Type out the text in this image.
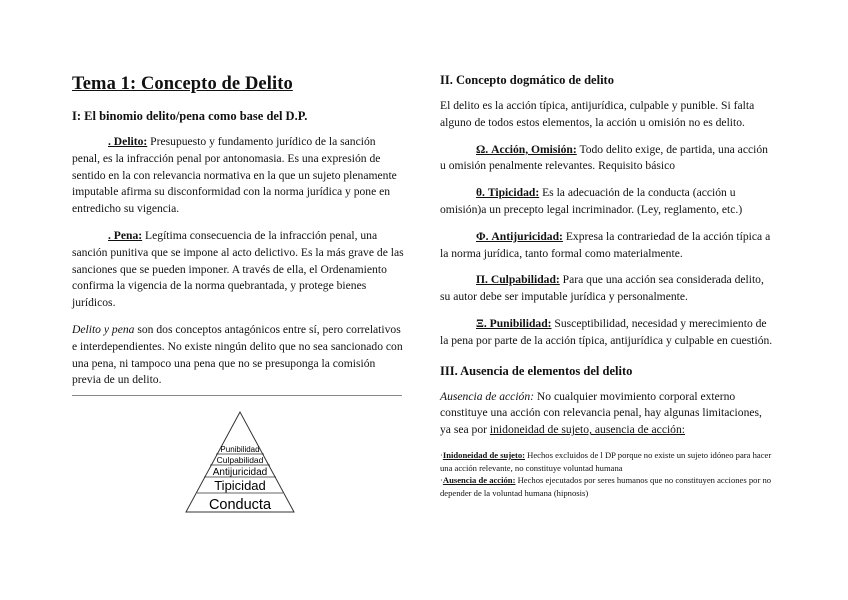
Tema 1: Concepto de Delito
I: El binomio delito/pena como base del D.P.

. Delito: Presupuesto y fundamento jurídico de la sanción penal, es la infracción penal por antonomasia. Es una expresión de sentido en la con relevancia normativa en la que un sujeto plenamente imputable afirma su disconformidad con la norma jurídica y pone en entredicho su vigencia.

. Pena: Legítima consecuencia de la infracción penal, una sanción punitiva que se impone al acto delictivo. Es la más grave de las sanciones que se pueden imponer. A través de ella, el Ordenamiento confirma la vigencia de la norma quebrantada, y protege bienes jurídicos.

Delito y pena son dos conceptos antagónicos entre sí, pero correlativos e interdependientes. No existe ningún delito que no sea sancionado con una pena, ni tampoco una pena que no se presuponga la comisión previa de un delito.

Punibilidad
Culpabilidad
Antijuricidad
Tipicidad
Conducta
II. Concepto dogmático de delito

El delito es la acción típica, antijurídica, culpable y punible. Si falta alguno de todos estos elementos, la acción u omisión no es delito.

Ω. Acción, Omisión: Todo delito exige, de partida, una acción u omisión penalmente relevantes. Requisito básico

θ. Tipicidad: Es la adecuación de la conducta (acción u omisión)a un precepto legal incriminador. (Ley, reglamento, etc.)

Φ. Antijuricidad: Expresa la contrariedad de la acción típica a la norma jurídica, tanto formal como materialmente.

Π. Culpabilidad: Para que una acción sea considerada delito, su autor debe ser imputable jurídica y personalmente.

Ξ. Punibilidad: Susceptibilidad, necesidad y merecimiento de la pena por parte de la acción típica, antijurídica y culpable en cuestión.

III. Ausencia de elementos del delito

Ausencia de acción: No cualquier movimiento corporal externo constituye una acción con relevancia penal, hay algunas limitaciones, ya sea por inidoneidad de sujeto, ausencia de acción:

·Inidoneidad de sujeto: Hechos excluidos de l DP porque no existe un sujeto idóneo para hacer una acción relevante, no constituye voluntad humana

·Ausencia de acción: Hechos ejecutados por seres humanos que no constituyen acciones por no depender de la voluntad humana (hipnosis)
